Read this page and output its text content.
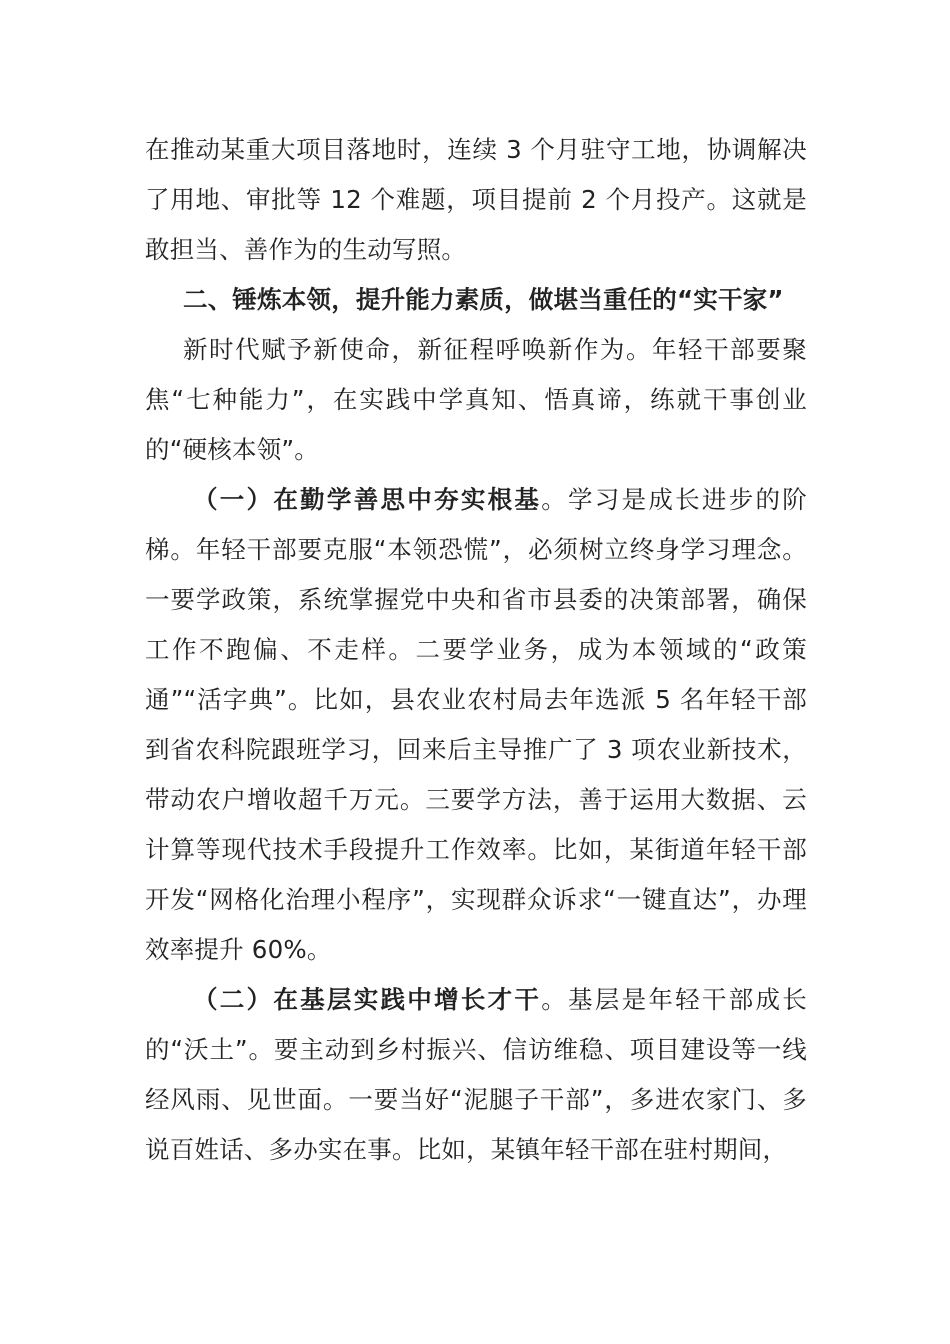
在推动某重大项目落地时，连续 3 个月驻守工地，协调解决了用地、审批等 12 个难题，项目提前 2 个月投产。这就是敢担当、善作为的生动写照。

二、锤炼本领，提升能力素质，做堪当重任的“实干家”

新时代赋予新使命，新征程呼唤新作为。年轻干部要聚焦“七种能力”，在实践中学真知、悟真谛，练就干事创业的“硬核本领”。

（一）在勤学善思中夯实根基。学习是成长进步的阶梯。年轻干部要克服“本领恐慌”，必须树立终身学习理念。一要学政策，系统掌握党中央和省市县委的决策部署，确保工作不跑偏、不走样。二要学业务，成为本领域的“政策通”“活字典”。比如，县农业农村局去年选派 5 名年轻干部到省农科院跟班学习，回来后主导推广了 3 项农业新技术，带动农户增收超千万元。三要学方法，善于运用大数据、云计算等现代技术手段提升工作效率。比如，某街道年轻干部开发“网格化治理小程序”，实现群众诉求“一键直达”，办理效率提升 60%。

（二）在基层实践中增长才干。基层是年轻干部成长的“沃土”。要主动到乡村振兴、信访维稳、项目建设等一线经风雨、见世面。一要当好“泥腿子干部”，多进农家门、多说百姓话、多办实在事。比如，某镇年轻干部在驻村期间，
